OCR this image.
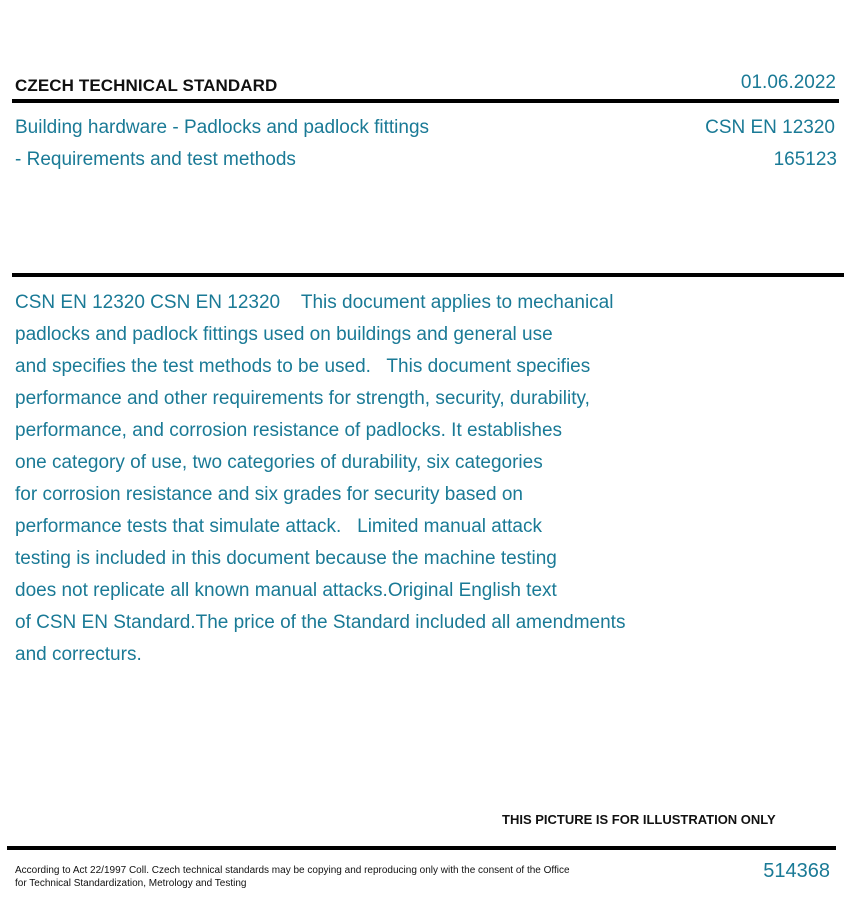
CZECH TECHNICAL STANDARD	01.06.2022
Building hardware - Padlocks and padlock fittings
- Requirements and test methods
CSN EN 12320
165123
CSN EN 12320 CSN EN 12320    This document applies to mechanical
padlocks and padlock fittings used on buildings and general use
and specifies the test methods to be used.   This document specifies
performance and other requirements for strength, security, durability,
performance, and corrosion resistance of padlocks. It establishes
one category of use, two categories of durability, six categories
for corrosion resistance and six grades for security based on
performance tests that simulate attack.   Limited manual attack
testing is included in this document because the machine testing
does not replicate all known manual attacks.Original English text
of CSN EN Standard.The price of the Standard included all amendments
and correcturs.
THIS PICTURE IS FOR ILLUSTRATION ONLY
According to Act 22/1997 Coll. Czech technical standards may be copying and reproducing only with the consent of the Office
for Technical Standardization, Metrology and Testing
514368
